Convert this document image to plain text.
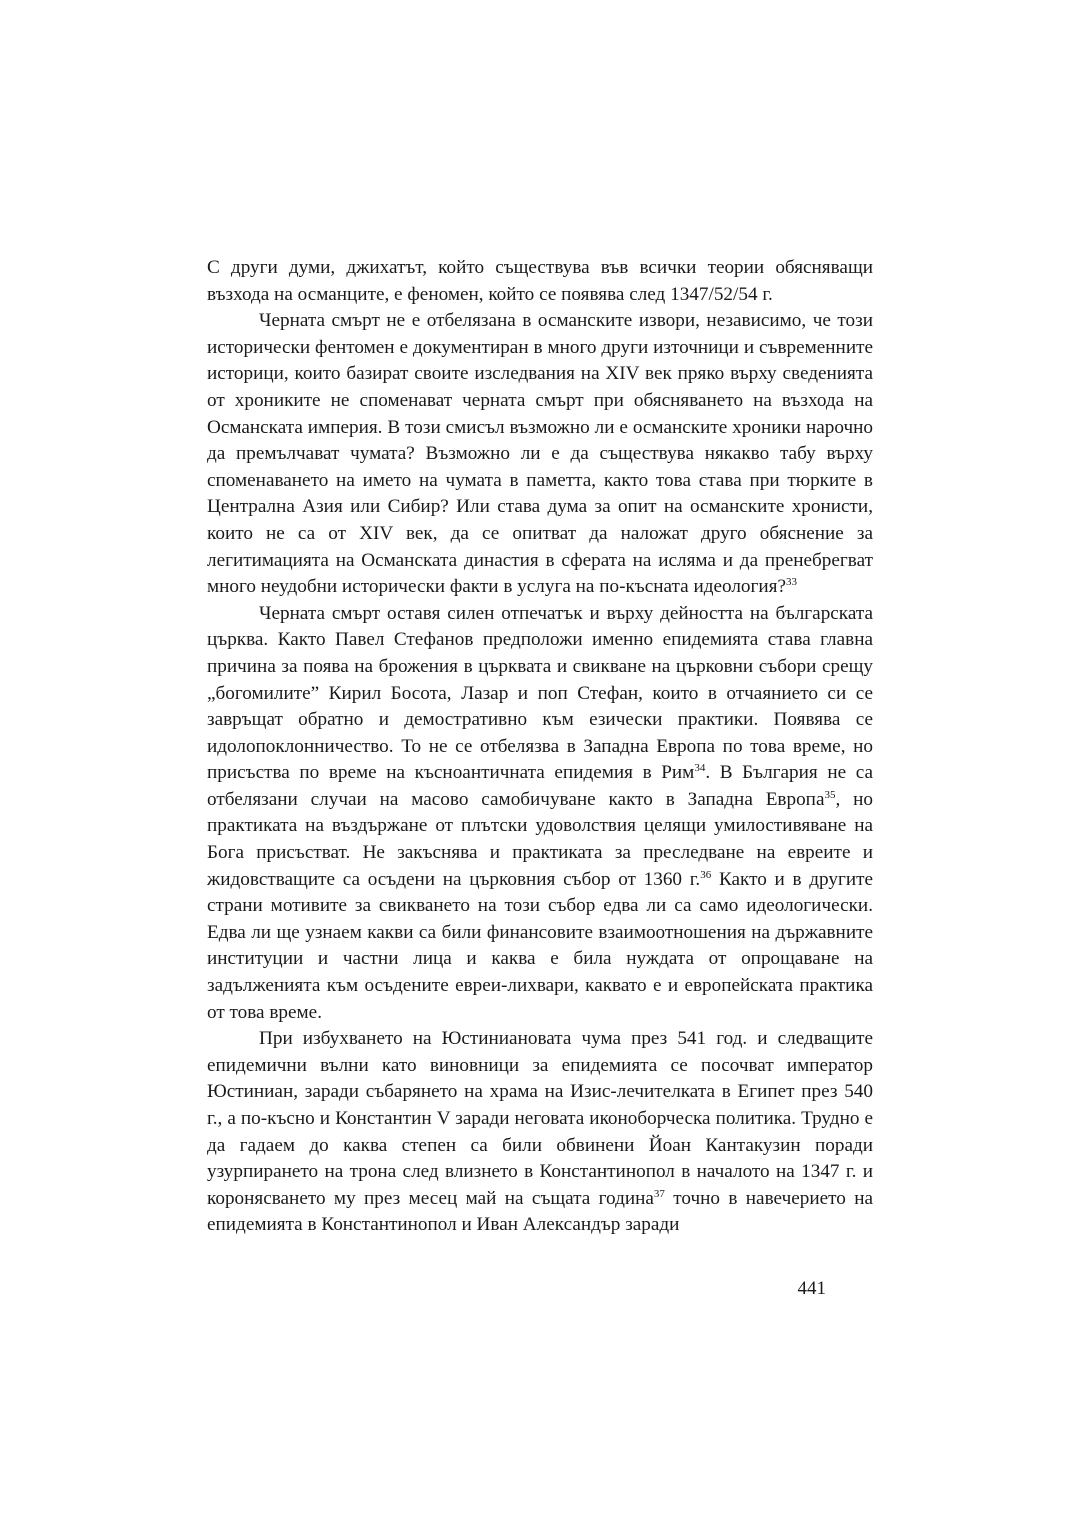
С други думи, джихатът, който съществува във всички теории обясняващи възхода на османците, е феномен, който се появява след 1347/52/54 г.

Черната смърт не е отбелязана в османските извори, независимо, че този исторически фентомен е документиран в много други източници и съвременните историци, които базират своите изследвания на XIV век пряко върху сведенията от хрониките не споменават черната смърт при обясняването на възхода на Османската империя. В този смисъл възможно ли е османските хроники нарочно да премълчават чумата? Възможно ли е да съществува някакво табу върху споменаването на името на чумата в паметта, както това става при тюрките в Централна Азия или Сибир? Или става дума за опит на османските хронисти, които не са от XIV век, да се опитват да наложат друго обяснение за легитимацията на Османската династия в сферата на исляма и да пренебрегват много неудобни исторически факти в услуга на по-късната идеология?$^{33}$

Черната смърт оставя силен отпечатък и върху дейността на българската църква. Както Павел Стефанов предположи именно епидемията става главна причина за поява на брожения в църквата и свикване на църковни събори срещу „богомилите” Кирил Босота, Лазар и поп Стефан, които в отчаянието си се завръщат обратно и демостративно към езически практики. Появява се идолопоклонничество. То не се отбелязва в Западна Европа по това време, но присъства по време на късноантичната епидемия в Рим$^{34}$. В България не са отбелязани случаи на масово самобичуване както в Западна Европа$^{35}$, но практиката на въздържане от плътски удоволствия целящи умилостивяване на Бога присъстват. Не закъснява и практиката за преследване на евреите и жидовстващите са осъдени на църковния събор от 1360 г.$^{36}$ Както и в другите страни мотивите за свикването на този събор едва ли са само идеологически. Едва ли ще узнаем какви са били финансовите взаимоотношения на държавните институции и частни лица и каква е била нуждата от опрощаване на задълженията към осъдените евреи-лихвари, каквато е и европейската практика от това време.

При избухването на Юстиниановата чума през 541 год. и следващите епидемични вълни като виновници за епидемията се посочват император Юстиниан, заради събарянето на храма на Изис-лечителката в Египет през 540 г., а по-късно и Константин V заради неговата иконоборческа политика. Трудно е да гадаем до каква степен са били обвинени Йоан Кантакузин поради узурпирането на трона след влизнето в Константинопол в началото на 1347 г. и коронясването му през месец май на същата година$^{37}$ точно в навечерието на епидемията в Константинопол и Иван Александър заради

441
